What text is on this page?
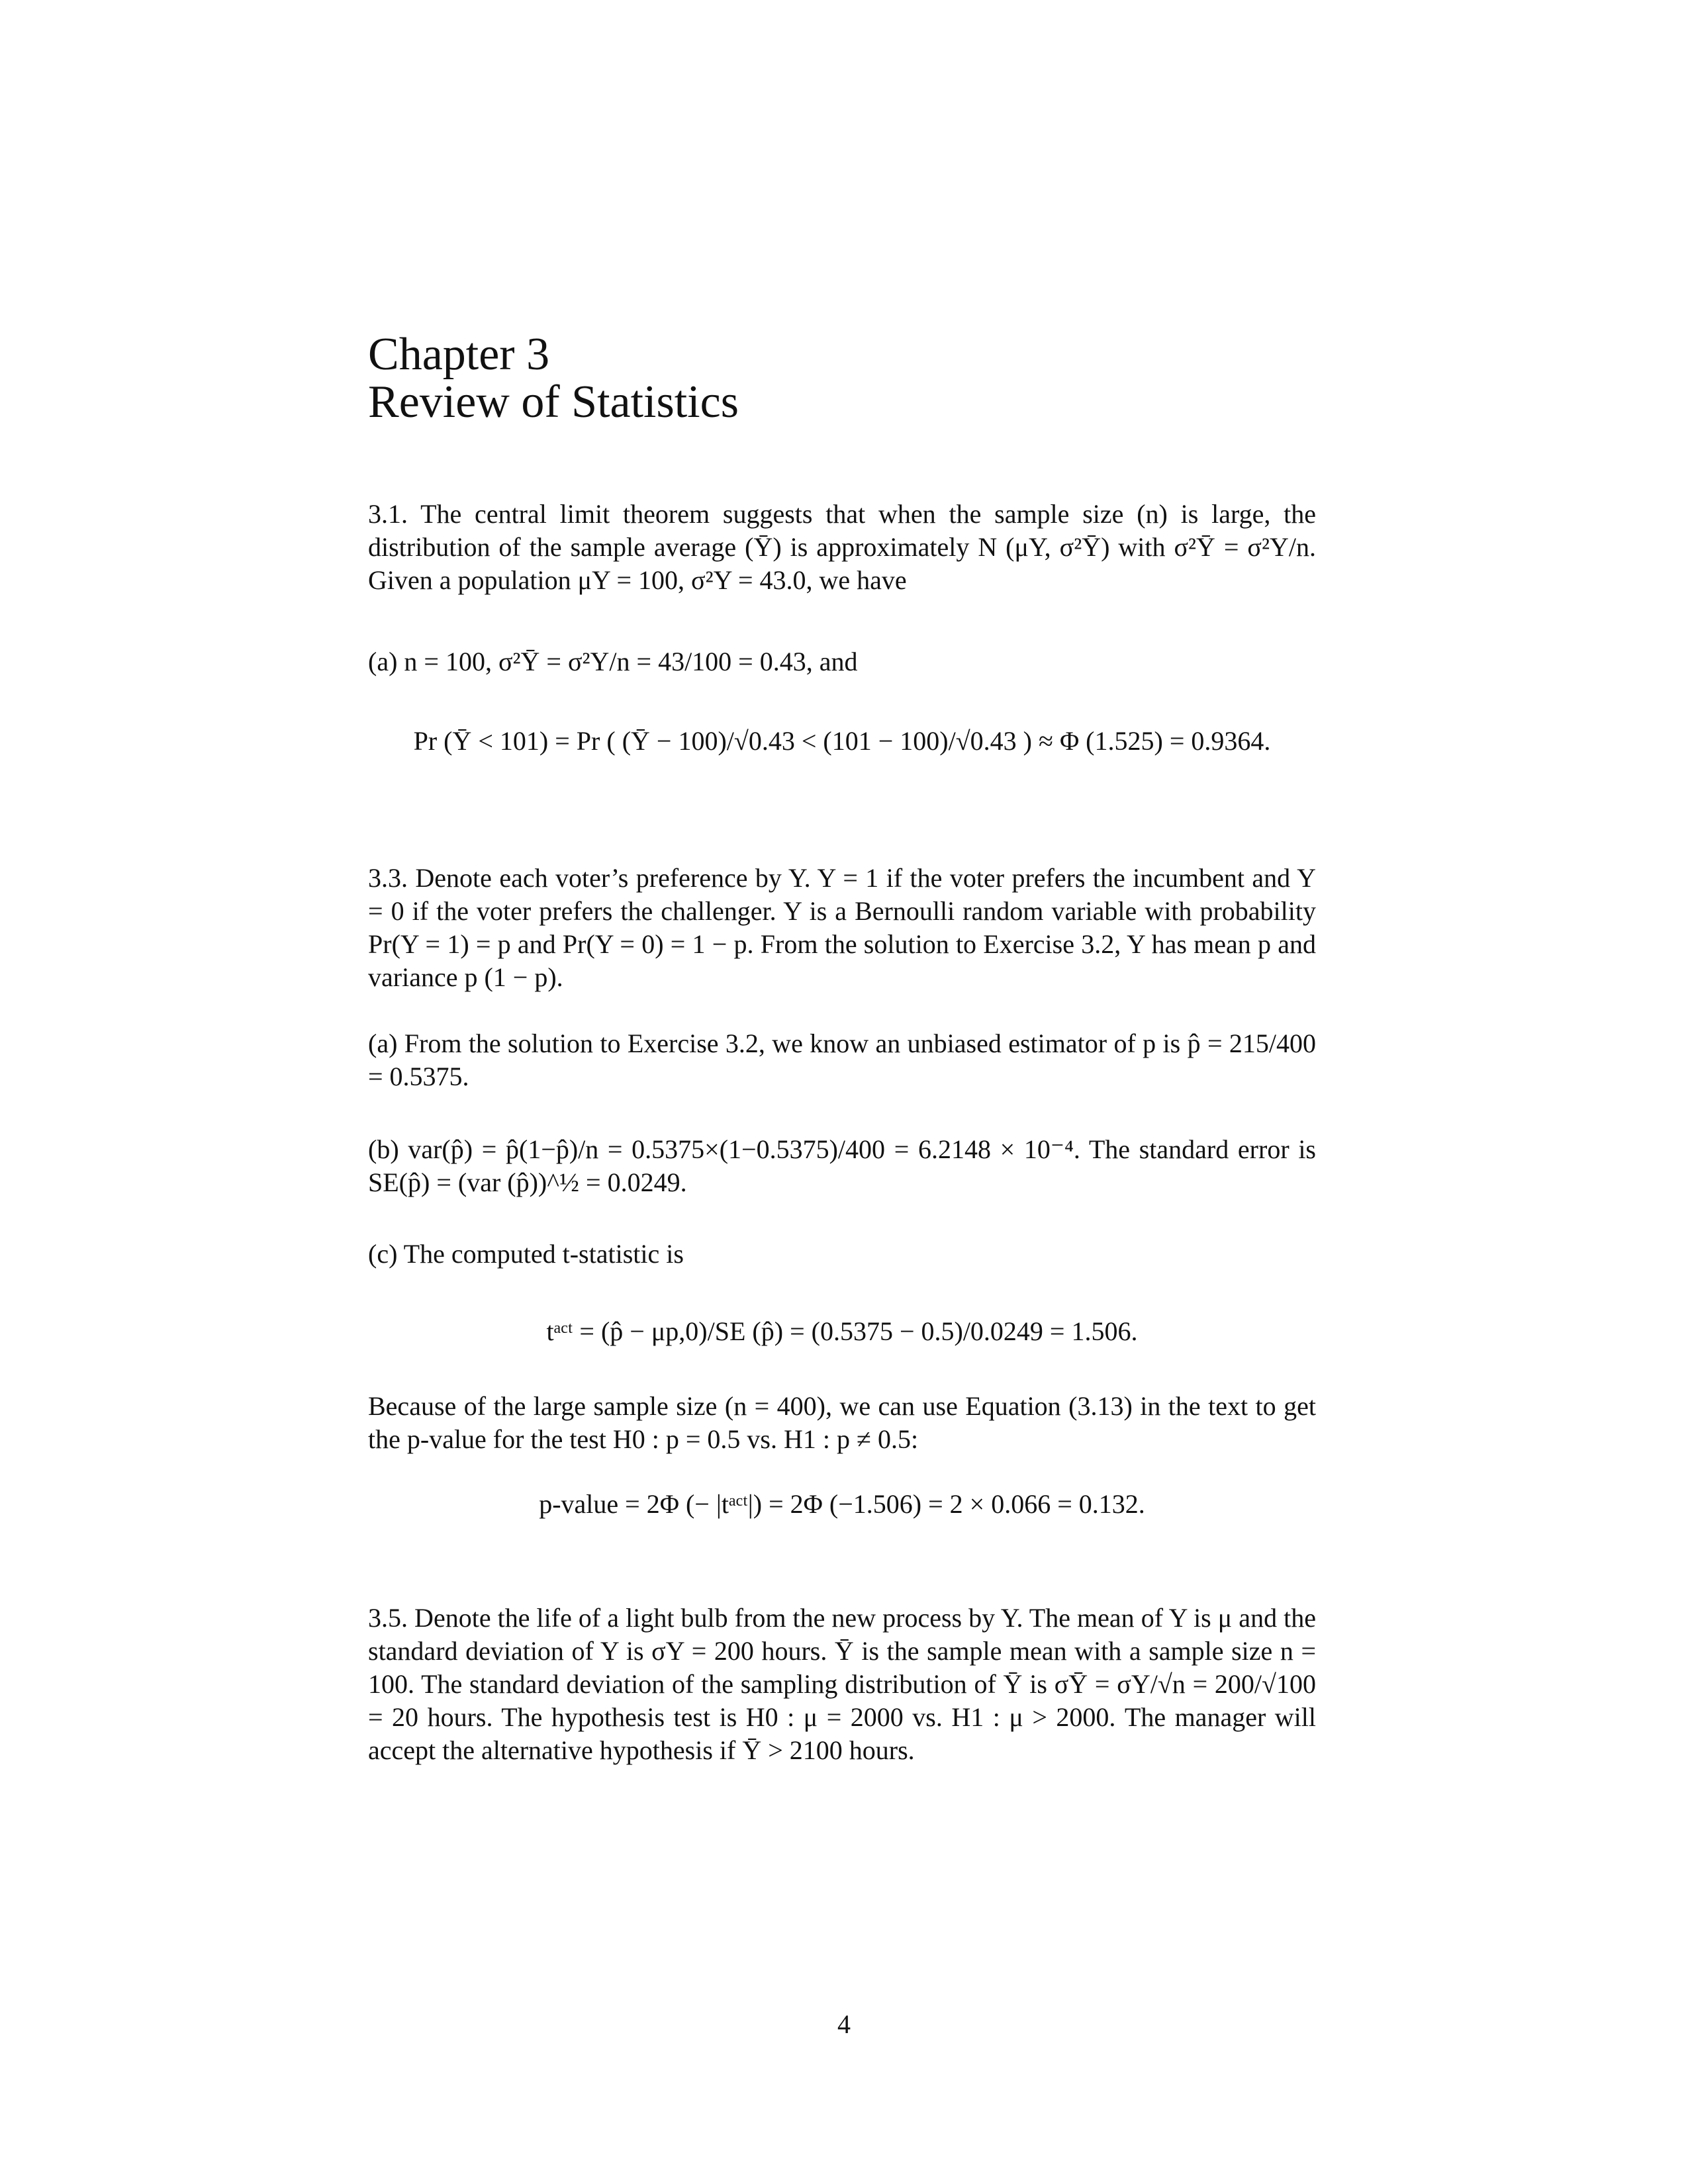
Chapter 3
Review of Statistics
3.1. The central limit theorem suggests that when the sample size (n) is large, the distribution of the sample average (Ȳ) is approximately N (μY, σ²Ȳ) with σ²Ȳ = σ²Y/n. Given a population μY = 100, σ²Y = 43.0, we have
(a) n = 100, σ²Ȳ = σ²Y/n = 43/100 = 0.43, and
Pr (Ȳ < 101) = Pr ( (Ȳ − 100)/√0.43 < (101 − 100)/√0.43 ) ≈ Φ (1.525) = 0.9364.
3.3. Denote each voter’s preference by Y. Y = 1 if the voter prefers the incumbent and Y = 0 if the voter prefers the challenger. Y is a Bernoulli random variable with probability Pr(Y = 1) = p and Pr(Y = 0) = 1 − p. From the solution to Exercise 3.2, Y has mean p and variance p (1 − p).
(a) From the solution to Exercise 3.2, we know an unbiased estimator of p is p̂ = 215/400 = 0.5375.
(b) var(p̂) = p̂(1−p̂)/n = 0.5375×(1−0.5375)/400 = 6.2148 × 10⁻⁴. The standard error is SE(p̂) = (var (p̂))^½ = 0.0249.
(c) The computed t-statistic is
tᵃᶜᵗ = (p̂ − μp,0)/SE (p̂) = (0.5375 − 0.5)/0.0249 = 1.506.
Because of the large sample size (n = 400), we can use Equation (3.13) in the text to get the p-value for the test H0 : p = 0.5 vs. H1 : p ≠ 0.5:
p-value = 2Φ (− |tᵃᶜᵗ|) = 2Φ (−1.506) = 2 × 0.066 = 0.132.
3.5. Denote the life of a light bulb from the new process by Y. The mean of Y is μ and the standard deviation of Y is σY = 200 hours. Ȳ is the sample mean with a sample size n = 100. The standard deviation of the sampling distribution of Ȳ is σȲ = σY/√n = 200/√100 = 20 hours. The hypothesis test is H0 : μ = 2000 vs. H1 : μ > 2000. The manager will accept the alternative hypothesis if Ȳ > 2100 hours.
4
